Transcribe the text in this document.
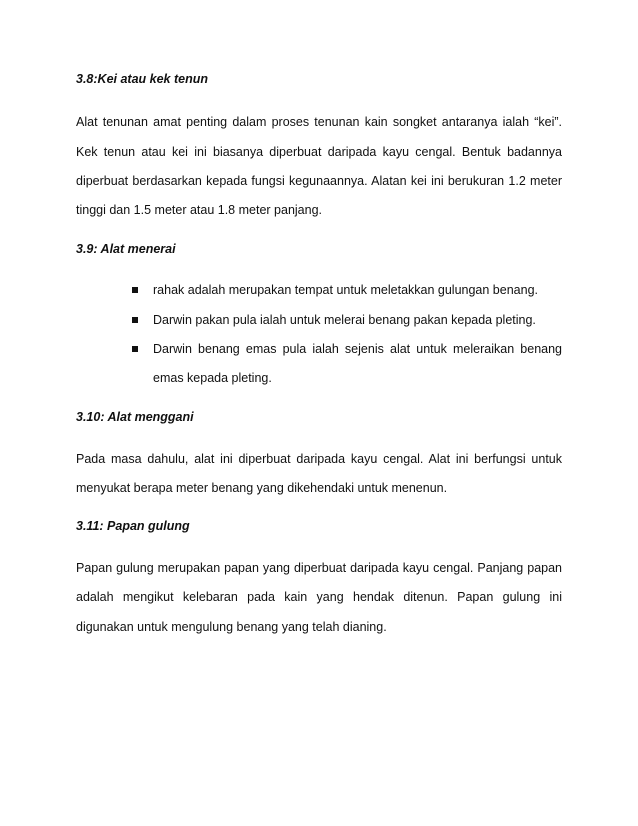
3.8:Kei atau kek tenun
Alat tenunan amat penting dalam proses tenunan kain songket antaranya ialah “kei”.
Kek tenun atau kei ini biasanya diperbuat daripada kayu cengal. Bentuk badannya
diperbuat berdasarkan kepada fungsi kegunaannya. Alatan kei ini berukuran 1.2 meter
tinggi dan 1.5 meter atau 1.8 meter panjang.
3.9: Alat menerai
rahak adalah merupakan tempat untuk meletakkan gulungan benang.
Darwin pakan pula ialah untuk melerai benang pakan kepada pleting.
Darwin benang emas pula ialah sejenis alat untuk meleraikan benang
emas kepada pleting.
3.10: Alat menggani
Pada masa dahulu, alat ini diperbuat daripada kayu cengal. Alat ini berfungsi untuk
menyukat berapa meter benang yang dikehendaki untuk menenun.
3.11: Papan gulung
Papan gulung merupakan papan yang diperbuat daripada kayu cengal. Panjang papan
adalah mengikut kelebaran pada kain yang hendak ditenun. Papan gulung ini
digunakan untuk mengulung benang yang telah dianing.
